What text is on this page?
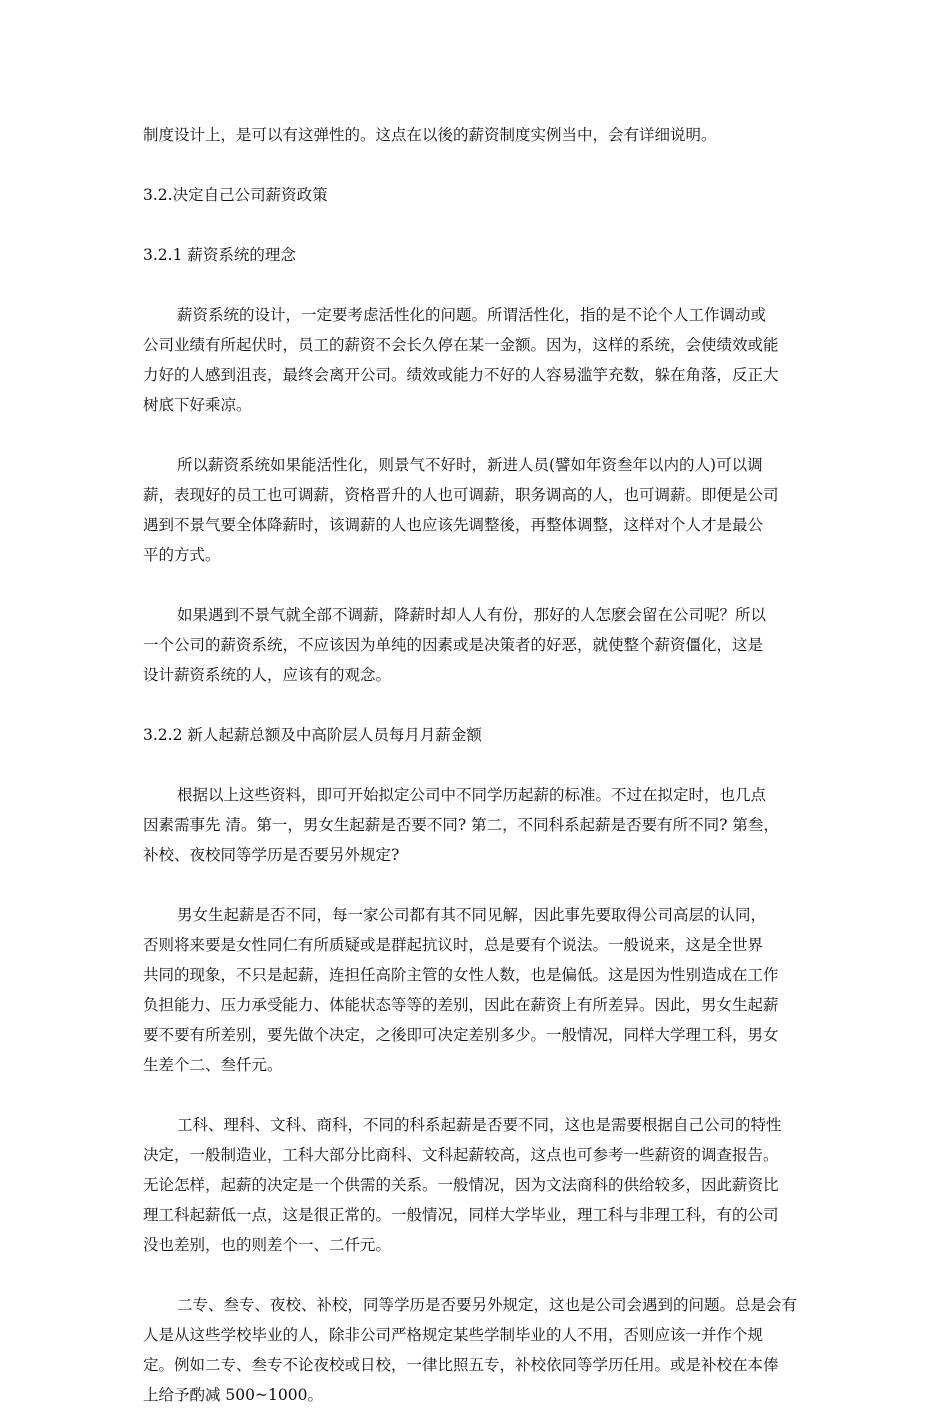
制度设计上，是可以有这弹性的。这点在以後的薪资制度实例当中，会有详细说明。
3.2.决定自己公司薪资政策
3.2.1 薪资系统的理念
薪资系统的设计，一定要考虑活性化的问题。所谓活性化，指的是不论个人工作调动或
公司业绩有所起伏时，员工的薪资不会长久停在某一金额。因为，这样的系统，会使绩效或能
力好的人感到沮丧，最终会离开公司。绩效或能力不好的人容易滥竽充数，躲在角落，反正大
树底下好乘凉。
所以薪资系统如果能活性化，则景气不好时，新进人员(譬如年资叁年以内的人)可以调
薪，表现好的员工也可调薪，资格晋升的人也可调薪，职务调高的人，也可调薪。即便是公司
遇到不景气要全体降薪时，该调薪的人也应该先调整後，再整体调整，这样对个人才是最公
平的方式。
如果遇到不景气就全部不调薪，降薪时却人人有份，那好的人怎麽会留在公司呢？所以
一个公司的薪资系统，不应该因为单纯的因素或是决策者的好恶，就使整个薪资僵化，这是
设计薪资系统的人，应该有的观念。
3.2.2 新人起薪总额及中高阶层人员每月月薪金额
根据以上这些资料，即可开始拟定公司中不同学历起薪的标准。不过在拟定时，也几点
因素需事先 清。第一，男女生起薪是否要不同? 第二，不同科系起薪是否要有所不同? 第叁，
补校、夜校同等学历是否要另外规定?
男女生起薪是否不同，每一家公司都有其不同见解，因此事先要取得公司高层的认同，
否则将来要是女性同仁有所质疑或是群起抗议时，总是要有个说法。一般说来，这是全世界
共同的现象，不只是起薪，连担任高阶主管的女性人数，也是偏低。这是因为性别造成在工作
负担能力、压力承受能力、体能状态等等的差别，因此在薪资上有所差异。因此，男女生起薪
要不要有所差别，要先做个决定，之後即可决定差别多少。一般情况，同样大学理工科，男女
生差个二、叁仟元。
工科、理科、文科、商科，不同的科系起薪是否要不同，这也是需要根据自己公司的特性
决定，一般制造业，工科大部分比商科、文科起薪较高，这点也可参考一些薪资的调查报告。
无论怎样，起薪的决定是一个供需的关系。一般情况，因为文法商科的供给较多，因此薪资比
理工科起薪低一点，这是很正常的。一般情况，同样大学毕业，理工科与非理工科，有的公司
没也差别，也的则差个一、二仟元。
二专、叁专、夜校、补校，同等学历是否要另外规定，这也是公司会遇到的问题。总是会有
人是从这些学校毕业的人，除非公司严格规定某些学制毕业的人不用，否则应该一并作个规
定。例如二专、叁专不论夜校或日校，一律比照五专，补校依同等学历任用。或是补校在本俸
上给予酌减 500~1000。
